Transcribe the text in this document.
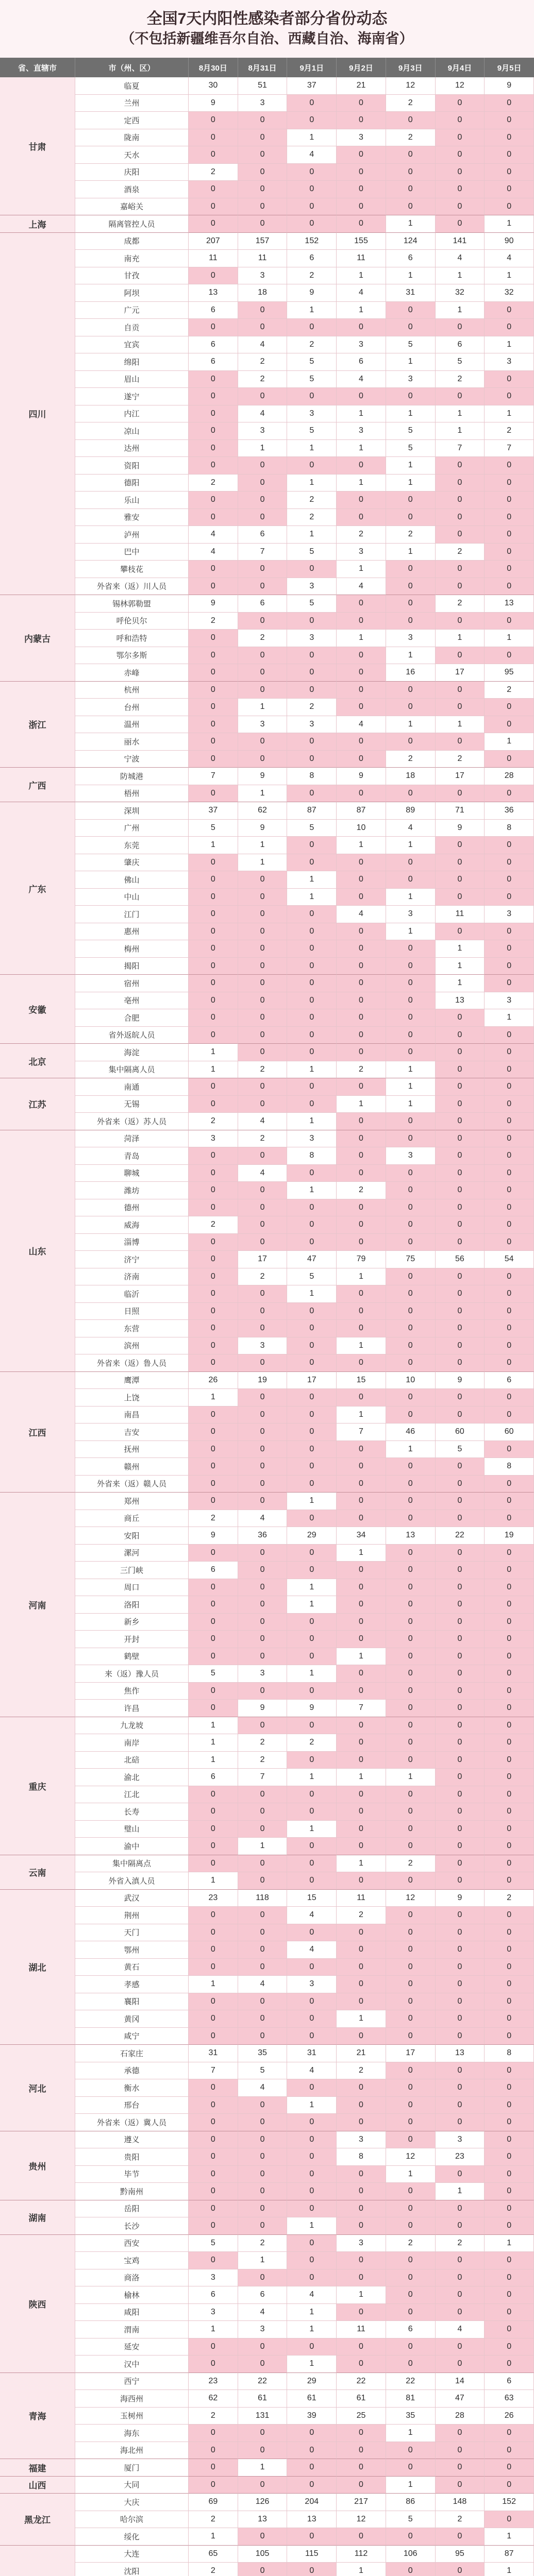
全国7天内阳性感染者部分省份动态
（不包括新疆维吾尔自治、西藏自治、海南省）
省、直辖市	市（州、区）	8月30日	8月31日	9月1日	9月2日	9月3日	9月4日	9月5日
甘肃
临夏	30	51	37	21	12	12	9
兰州	9	3	0	0	2	0	0
定西	0	0	0	0	0	0	0
陇南	0	0	1	3	2	0	0
天水	0	0	4	0	0	0	0
庆阳	2	0	0	0	0	0	0
酒泉	0	0	0	0	0	0	0
嘉峪关	0	0	0	0	0	0	0
上海	隔离管控人员	0	0	0	0	1	0	1
四川
成都	207	157	152	155	124	141	90
南充	11	11	6	11	6	4	4
甘孜	0	3	2	1	1	1	1
阿坝	13	18	9	4	31	32	32
广元	6	0	1	1	0	1	0
自贡	0	0	0	0	0	0	0
宜宾	6	4	2	3	5	6	1
绵阳	6	2	5	6	1	5	3
眉山	0	2	5	4	3	2	0
遂宁	0	0	0	0	0	0	0
内江	0	4	3	1	1	1	1
凉山	0	3	5	3	5	1	2
达州	0	1	1	1	5	7	7
资阳	0	0	0	0	1	0	0
德阳	2	0	1	1	1	0	0
乐山	0	0	2	0	0	0	0
雅安	0	0	2	0	0	0	0
泸州	4	6	1	2	2	0	0
巴中	4	7	5	3	1	2	0
攀枝花	0	0	0	1	0	0	0
外省来（返）川人员	0	0	3	4	0	0	0
内蒙古
锡林郭勒盟	9	6	5	0	0	2	13
呼伦贝尔	2	0	0	0	0	0	0
呼和浩特	0	2	3	1	3	1	1
鄂尔多斯	0	0	0	0	1	0	0
赤峰	0	0	0	0	16	17	95
浙江
杭州	0	0	0	0	0	0	2
台州	0	1	2	0	0	0	0
温州	0	3	3	4	1	1	0
丽水	0	0	0	0	0	0	1
宁波	0	0	0	0	2	2	0
广西
防城港	7	9	8	9	18	17	28
梧州	0	1	0	0	0	0	0
广东
深圳	37	62	87	87	89	71	36
广州	5	9	5	10	4	9	8
东莞	1	1	0	1	1	0	0
肇庆	0	1	0	0	0	0	0
佛山	0	0	1	0	0	0	0
中山	0	0	1	0	1	0	0
江门	0	0	0	4	3	11	3
惠州	0	0	0	0	1	0	0
梅州	0	0	0	0	0	1	0
揭阳	0	0	0	0	0	1	0
安徽
宿州	0	0	0	0	0	1	0
亳州	0	0	0	0	0	13	3
合肥	0	0	0	0	0	0	1
省外返皖人员	0	0	0	0	0	0	0
北京
海淀	1	0	0	0	0	0	0
集中隔离人员	1	2	1	2	1	0	0
江苏
南通	0	0	0	0	1	0	0
无锡	0	0	0	1	1	0	0
外省来（返）苏人员	2	4	1	0	0	0	0
山东
菏泽	3	2	3	0	0	0	0
青岛	0	0	8	0	3	0	0
聊城	0	4	0	0	0	0	0
潍坊	0	0	1	2	0	0	0
德州	0	0	0	0	0	0	0
威海	2	0	0	0	0	0	0
淄博	0	0	0	0	0	0	0
济宁	0	17	47	79	75	56	54
济南	0	2	5	1	0	0	0
临沂	0	0	1	0	0	0	0
日照	0	0	0	0	0	0	0
东营	0	0	0	0	0	0	0
滨州	0	3	0	1	0	0	0
外省来（返）鲁人员	0	0	0	0	0	0	0
江西
鹰潭	26	19	17	15	10	9	6
上饶	1	0	0	0	0	0	0
南昌	0	0	0	1	0	0	0
吉安	0	0	0	7	46	60	60
抚州	0	0	0	0	1	5	0
赣州	0	0	0	0	0	0	8
外省来（返）赣人员	0	0	0	0	0	0	0
河南
郑州	0	0	1	0	0	0	0
商丘	2	4	0	0	0	0	0
安阳	9	36	29	34	13	22	19
漯河	0	0	0	1	0	0	0
三门峡	6	0	0	0	0	0	0
周口	0	0	1	0	0	0	0
洛阳	0	0	1	0	0	0	0
新乡	0	0	0	0	0	0	0
开封	0	0	0	0	0	0	0
鹤壁	0	0	0	1	0	0	0
来（返）豫人员	5	3	1	0	0	0	0
焦作	0	0	0	0	0	0	0
许昌	0	9	9	7	0	0	0
重庆
九龙坡	1	0	0	0	0	0	0
南岸	1	2	2	0	0	0	0
北碚	1	2	0	0	0	0	0
渝北	6	7	1	1	1	0	0
江北	0	0	0	0	0	0	0
长寿	0	0	0	0	0	0	0
璧山	0	0	1	0	0	0	0
渝中	0	1	0	0	0	0	0
云南
集中隔离点	0	0	0	1	2	0	0
外省入滇人员	1	0	0	0	0	0	0
湖北
武汉	23	118	15	11	12	9	2
荆州	0	0	4	2	0	0	0
天门	0	0	0	0	0	0	0
鄂州	0	0	4	0	0	0	0
黄石	0	0	0	0	0	0	0
孝感	1	4	3	0	0	0	0
襄阳	0	0	0	0	0	0	0
黄冈	0	0	0	1	0	0	0
咸宁	0	0	0	0	0	0	0
河北
石家庄	31	35	31	21	17	13	8
承德	7	5	4	2	0	0	0
衡水	0	4	0	0	0	0	0
邢台	0	0	1	0	0	0	0
外省来（返）冀人员	0	0	0	0	0	0	0
贵州
遵义	0	0	0	3	0	3	0
贵阳	0	0	0	8	12	23	0
毕节	0	0	0	0	1	0	0
黔南州	0	0	0	0	0	1	0
湖南
岳阳	0	0	0	0	0	0	0
长沙	0	0	1	0	0	0	0
陕西
西安	5	2	0	3	2	2	1
宝鸡	0	1	0	0	0	0	0
商洛	3	0	0	0	0	0	0
榆林	6	6	4	1	0	0	0
咸阳	3	4	1	0	0	0	0
渭南	1	3	1	11	6	4	0
延安	0	0	0	0	0	0	0
汉中	0	0	1	0	0	0	0
青海
西宁	23	22	29	22	22	14	6
海西州	62	61	61	61	81	47	63
玉树州	2	131	39	25	35	28	26
海东	0	0	0	0	1	0	0
海北州	0	0	0	0	0	0	0
福建	厦门	0	1	0	0	0	0	0
山西	大同	0	0	0	0	1	0	0
黑龙江
大庆	69	126	204	217	86	148	152
哈尔滨	2	13	13	12	5	2	0
绥化	1	0	0	0	0	0	1
大连	65	105	115	112	106	95	87
沈阳	2	0	0	1	0	0	1
